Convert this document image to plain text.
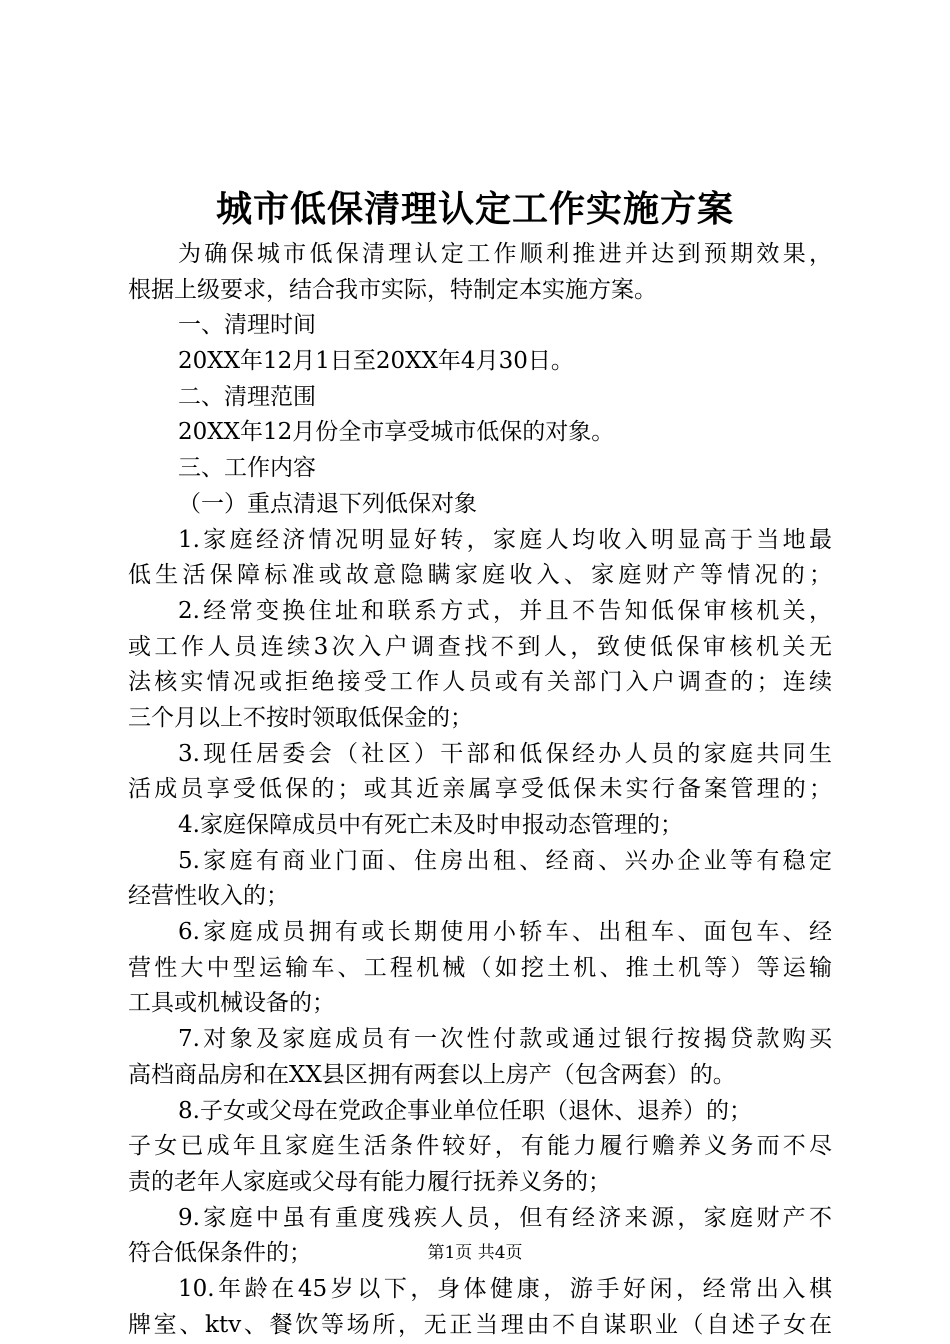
城市低保清理认定工作实施方案
为确保城市低保清理认定工作顺利推进并达到预期效果，
根据上级要求，结合我市实际，特制定本实施方案。
一、清理时间
20XX年12月1日至20XX年4月30日。
二、清理范围
20XX年12月份全市享受城市低保的对象。
三、工作内容
（一）重点清退下列低保对象
1.家庭经济情况明显好转，家庭人均收入明显高于当地最
低生活保障标准或故意隐瞒家庭收入、家庭财产等情况的；
2.经常变换住址和联系方式，并且不告知低保审核机关，
或工作人员连续3次入户调查找不到人，致使低保审核机关无
法核实情况或拒绝接受工作人员或有关部门入户调查的；连续
三个月以上不按时领取低保金的；
3.现任居委会（社区）干部和低保经办人员的家庭共同生
活成员享受低保的；或其近亲属享受低保未实行备案管理的；
4.家庭保障成员中有死亡未及时申报动态管理的；
5.家庭有商业门面、住房出租、经商、兴办企业等有稳定
经营性收入的；
6.家庭成员拥有或长期使用小轿车、出租车、面包车、经
营性大中型运输车、工程机械（如挖土机、推土机等）等运输
工具或机械设备的；
7.对象及家庭成员有一次性付款或通过银行按揭贷款购买
高档商品房和在XX县区拥有两套以上房产（包含两套）的。
8.子女或父母在党政企事业单位任职（退休、退养）的；
子女已成年且家庭生活条件较好，有能力履行赡养义务而不尽
责的老年人家庭或父母有能力履行抚养义务的；
9.家庭中虽有重度残疾人员，但有经济来源，家庭财产不
符合低保条件的；
10.年龄在45岁以下，身体健康，游手好闲，经常出入棋
牌室、ktv、餐饮等场所，无正当理由不自谋职业（自述子女在
第1页 共4页
